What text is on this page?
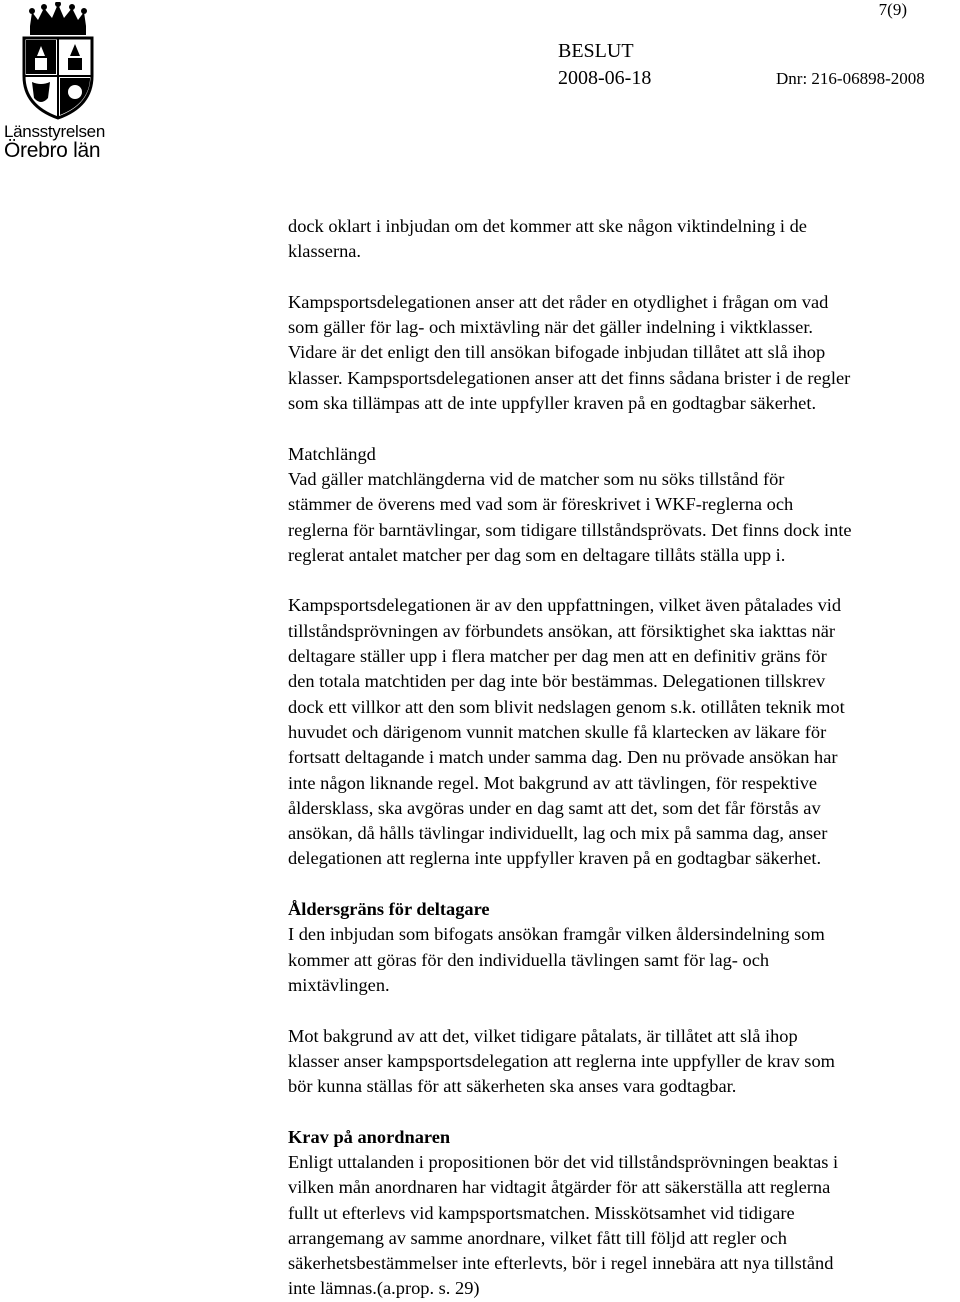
Länsstyrelsen
Örebro län
7(9)
BESLUT
2008-06-18	Dnr: 216-06898-2008

dock oklart i inbjudan om det kommer att ske någon viktindelning i de
klasserna.

Kampsportsdelegationen anser att det råder en otydlighet i frågan om vad
som gäller för lag- och mixtävling när det gäller indelning i viktklasser.
Vidare är det enligt den till ansökan bifogade inbjudan tillåtet att slå ihop
klasser. Kampsportsdelegationen anser att det finns sådana brister i de regler
som ska tillämpas att de inte uppfyller kraven på en godtagbar säkerhet.

Matchlängd
Vad gäller matchlängderna vid de matcher som nu söks tillstånd för
stämmer de överens med vad som är föreskrivet i WKF-reglerna och
reglerna för barntävlingar, som tidigare tillståndsprövats. Det finns dock inte
reglerat antalet matcher per dag som en deltagare tillåts ställa upp i.

Kampsportsdelegationen är av den uppfattningen, vilket även påtalades vid
tillståndsprövningen av förbundets ansökan, att försiktighet ska iakttas när
deltagare ställer upp i flera matcher per dag men att en definitiv gräns för
den totala matchtiden per dag inte bör bestämmas. Delegationen tillskrev
dock ett villkor att den som blivit nedslagen genom s.k. otillåten teknik mot
huvudet och därigenom vunnit matchen skulle få klartecken av läkare för
fortsatt deltagande i match under samma dag. Den nu prövade ansökan har
inte någon liknande regel. Mot bakgrund av att tävlingen, för respektive
åldersklass, ska avgöras under en dag samt att det, som det får förstås av
ansökan, då hålls tävlingar individuellt, lag och mix på samma dag, anser
delegationen att reglerna inte uppfyller kraven på en godtagbar säkerhet.

Åldersgräns för deltagare
I den inbjudan som bifogats ansökan framgår vilken åldersindelning som
kommer att göras för den individuella tävlingen samt för lag- och
mixtävlingen.

Mot bakgrund av att det, vilket tidigare påtalats, är tillåtet att slå ihop
klasser anser kampsportsdelegation att reglerna inte uppfyller de krav som
bör kunna ställas för att säkerheten ska anses vara godtagbar.

Krav på anordnaren
Enligt uttalanden i propositionen bör det vid tillståndsprövningen beaktas i
vilken mån anordnaren har vidtagit åtgärder för att säkerställa att reglerna
fullt ut efterlevs vid kampsportsmatchen. Misskötsamhet vid tidigare
arrangemang av samme anordnare, vilket fått till följd att regler och
säkerhetsbestämmelser inte efterlevts, bör i regel innebära att nya tillstånd
inte lämnas.(a.prop. s. 29)
